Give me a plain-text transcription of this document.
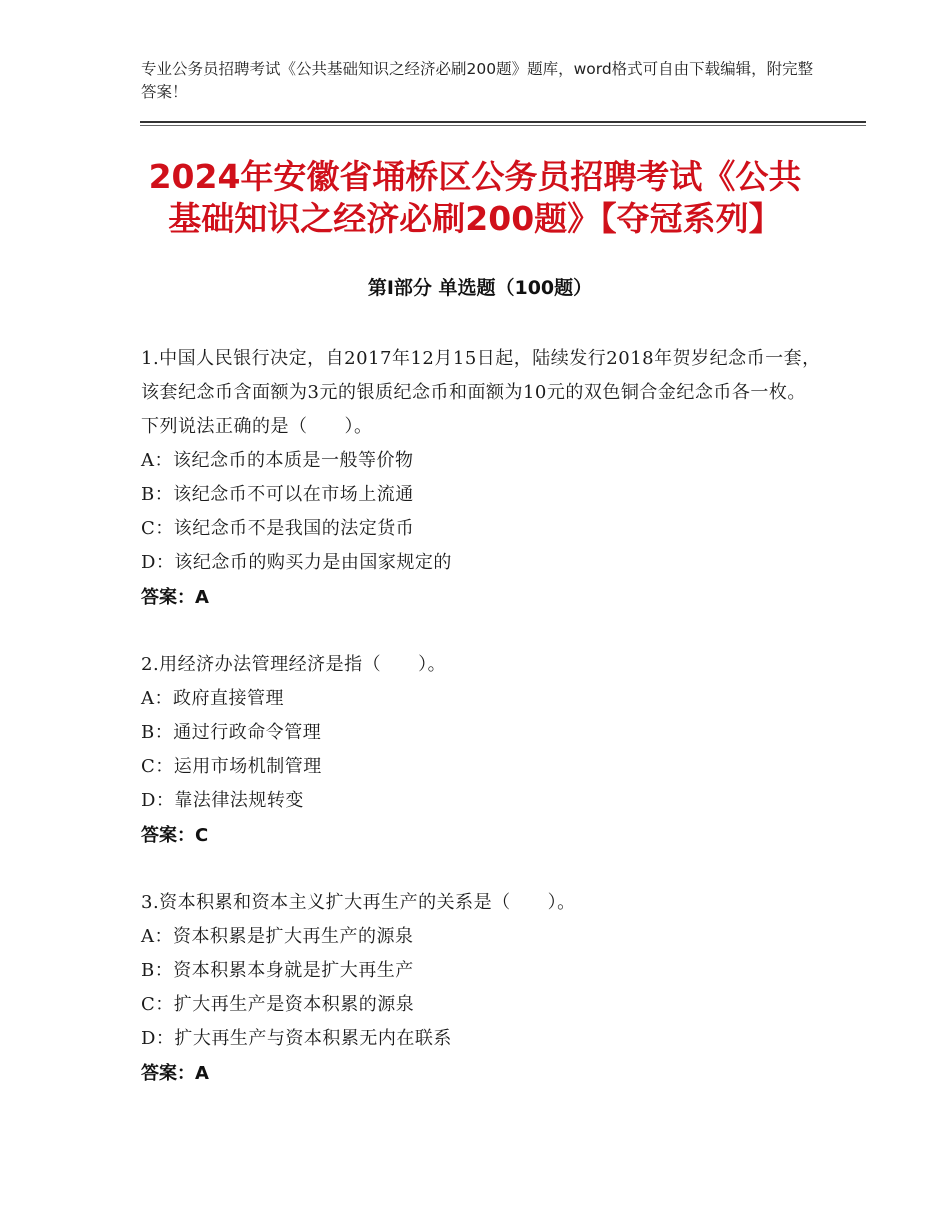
专业公务员招聘考试《公共基础知识之经济必刷200题》题库，word格式可自由下载编辑，附完整答案！
2024年安徽省埇桥区公务员招聘考试《公共
基础知识之经济必刷200题》【夺冠系列】
第Ⅰ部分 单选题（100题）
1.中国人民银行决定，自2017年12月15日起，陆续发行2018年贺岁纪念币一套，该套纪念币含面额为3元的银质纪念币和面额为10元的双色铜合金纪念币各一枚。下列说法正确的是（　　）。
A：该纪念币的本质是一般等价物
B：该纪念币不可以在市场上流通
C：该纪念币不是我国的法定货币
D：该纪念币的购买力是由国家规定的
答案：A
2.用经济办法管理经济是指（　　）。
A：政府直接管理
B：通过行政命令管理
C：运用市场机制管理
D：靠法律法规转变
答案：C
3.资本积累和资本主义扩大再生产的关系是（　　）。
A：资本积累是扩大再生产的源泉
B：资本积累本身就是扩大再生产
C：扩大再生产是资本积累的源泉
D：扩大再生产与资本积累无内在联系
答案：A
